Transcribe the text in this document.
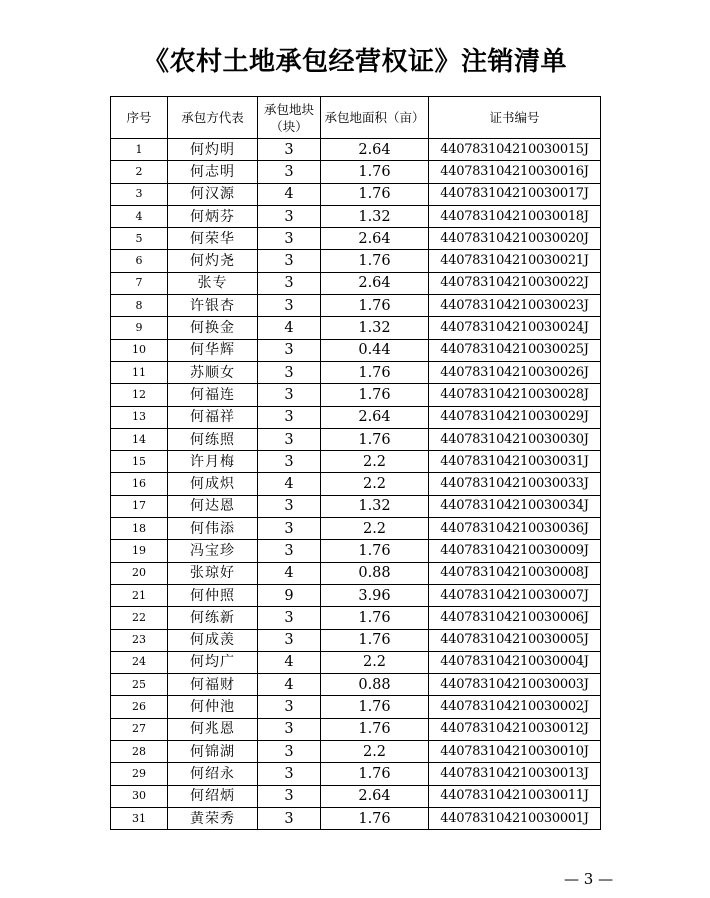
《农村土地承包经营权证》注销清单
序号	承包方代表	承包地块（块）	承包地面积（亩）	证书编号
1	何灼明	3	2.64	440783104210030015J
2	何志明	3	1.76	440783104210030016J
3	何汉源	4	1.76	440783104210030017J
4	何炳芬	3	1.32	440783104210030018J
5	何荣华	3	2.64	440783104210030020J
6	何灼尧	3	1.76	440783104210030021J
7	张专	3	2.64	440783104210030022J
8	许银杏	3	1.76	440783104210030023J
9	何换金	4	1.32	440783104210030024J
10	何华辉	3	0.44	440783104210030025J
11	苏顺女	3	1.76	440783104210030026J
12	何福连	3	1.76	440783104210030028J
13	何福祥	3	2.64	440783104210030029J
14	何练照	3	1.76	440783104210030030J
15	许月梅	3	2.2	440783104210030031J
16	何成炽	4	2.2	440783104210030033J
17	何达恩	3	1.32	440783104210030034J
18	何伟添	3	2.2	440783104210030036J
19	冯宝珍	3	1.76	440783104210030009J
20	张琼好	4	0.88	440783104210030008J
21	何仲照	9	3.96	440783104210030007J
22	何练新	3	1.76	440783104210030006J
23	何成羡	3	1.76	440783104210030005J
24	何均广	4	2.2	440783104210030004J
25	何福财	4	0.88	440783104210030003J
26	何仲池	3	1.76	440783104210030002J
27	何兆恩	3	1.76	440783104210030012J
28	何锦湖	3	2.2	440783104210030010J
29	何绍永	3	1.76	440783104210030013J
30	何绍炳	3	2.64	440783104210030011J
31	黄荣秀	3	1.76	440783104210030001J
— 3 —
